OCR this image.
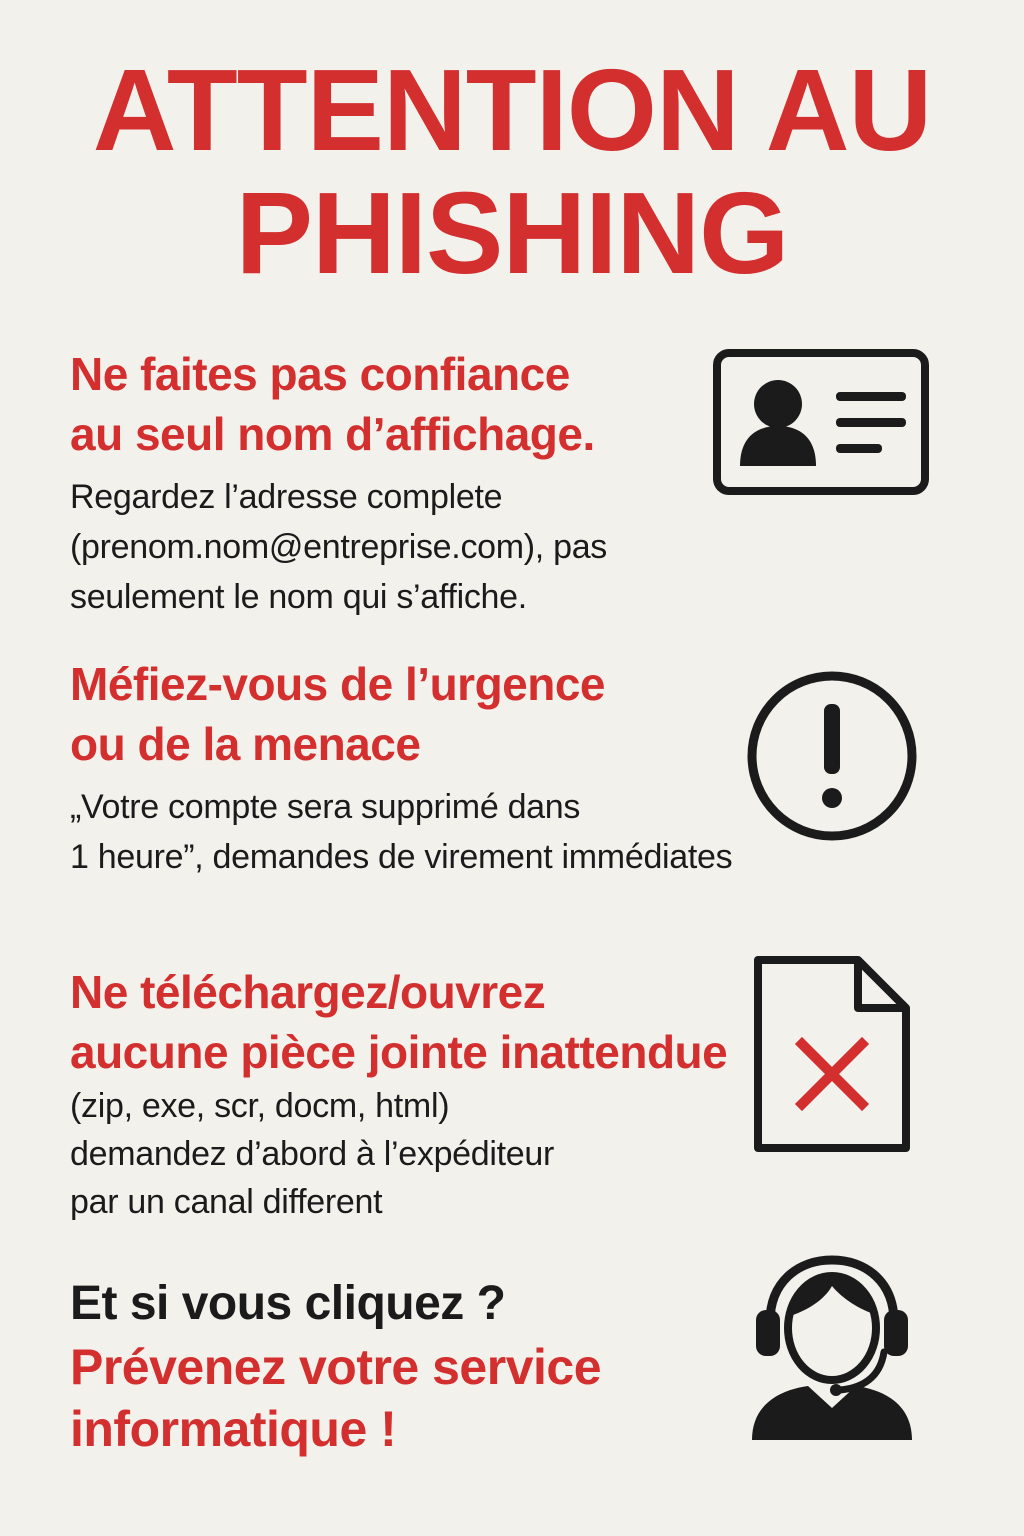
ATTENTION AU
PHISHING
Ne faites pas confiance
au seul nom d’affichage.
Regardez l’adresse complete
(prenom.nom@entreprise.com), pas
seulement le nom qui s’affiche.
Méfiez-vous de l’urgence
ou de la menace
„Votre compte sera supprimé dans
1 heure”, demandes de virement immédiates
Ne téléchargez/ouvrez
aucune pièce jointe inattendue
(zip, exe, scr, docm, html)
demandez d’abord à l’expéditeur
par un canal different
Et si vous cliquez ?
Prévenez votre service
informatique !
